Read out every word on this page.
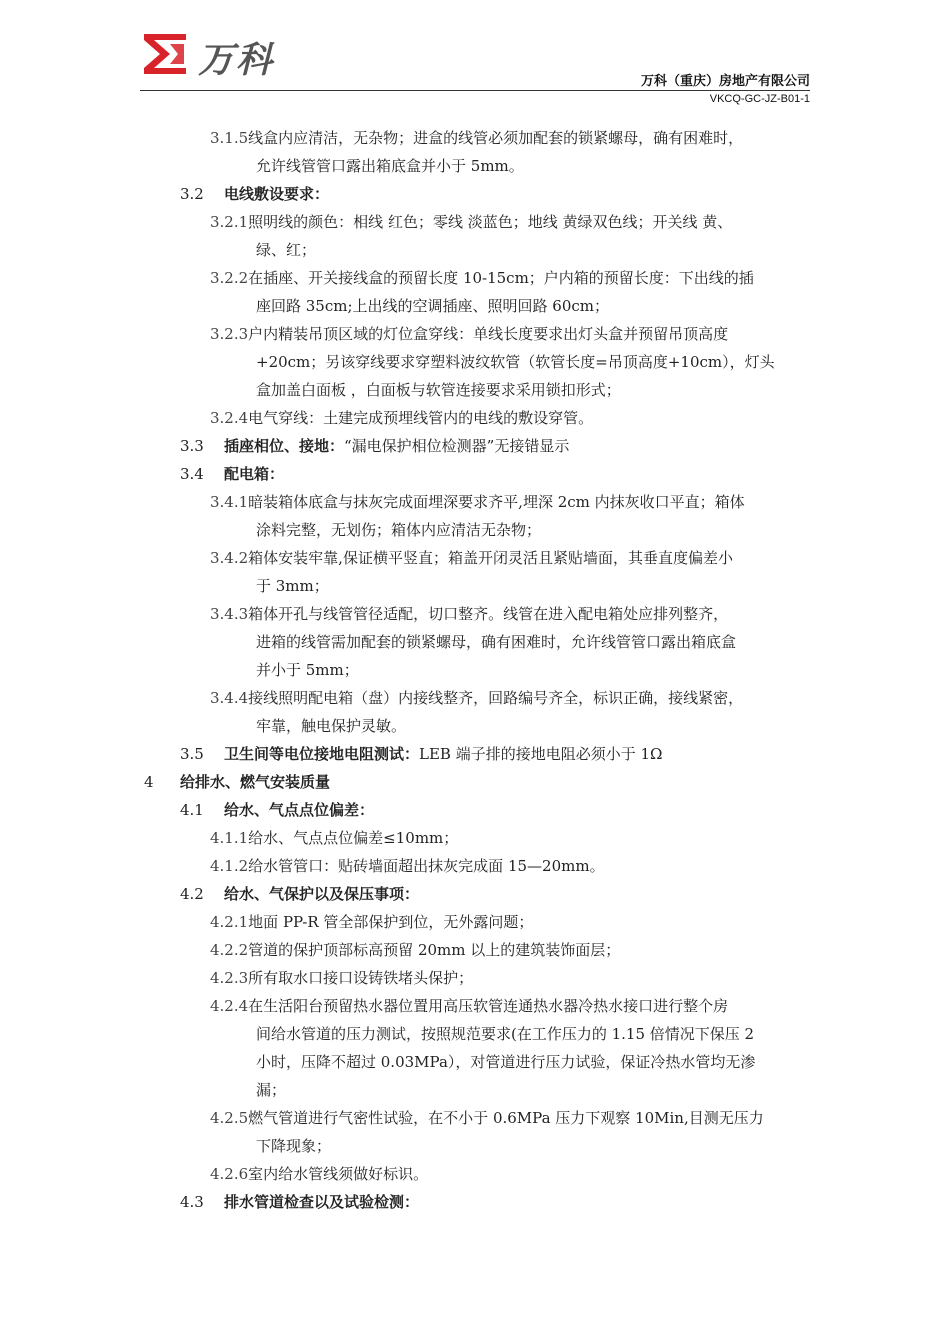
万科
万科（重庆）房地产有限公司
VKCQ-GC-JZ-B01-1
3.1.5线盒内应清洁，无杂物；进盒的线管必须加配套的锁紧螺母，确有困难时，
允许线管管口露出箱底盒并小于 5mm。
3.2 电线敷设要求：
3.2.1照明线的颜色：相线 红色；零线 淡蓝色；地线 黄绿双色线；开关线 黄、
绿、红；
3.2.2在插座、开关接线盒的预留长度 10-15cm；户内箱的预留长度：下出线的插
座回路 35cm;上出线的空调插座、照明回路 60cm；
3.2.3户内精装吊顶区域的灯位盒穿线：单线长度要求出灯头盒并预留吊顶高度
+20cm；另该穿线要求穿塑料波纹软管（软管长度=吊顶高度+10cm），灯头
盒加盖白面板 ，白面板与软管连接要求采用锁扣形式；
3.2.4电气穿线：土建完成预埋线管内的电线的敷设穿管。
3.3 插座相位、接地：“漏电保护相位检测器”无接错显示
3.4 配电箱：
3.4.1暗装箱体底盒与抹灰完成面埋深要求齐平,埋深 2cm 内抹灰收口平直；箱体
涂料完整，无划伤；箱体内应清洁无杂物；
3.4.2箱体安装牢靠,保证横平竖直；箱盖开闭灵活且紧贴墙面，其垂直度偏差小
于 3mm；
3.4.3箱体开孔与线管管径适配，切口整齐。线管在进入配电箱处应排列整齐，
进箱的线管需加配套的锁紧螺母，确有困难时，允许线管管口露出箱底盒
并小于 5mm；
3.4.4接线照明配电箱（盘）内接线整齐，回路编号齐全，标识正确，接线紧密，
牢靠，触电保护灵敏。
3.5 卫生间等电位接地电阻测试：LEB 端子排的接地电阻必须小于 1Ω
4 给排水、燃气安装质量
4.1 给水、气点点位偏差：
4.1.1给水、气点点位偏差≤10mm；
4.1.2给水管管口：贴砖墙面超出抹灰完成面 15—20mm。
4.2 给水、气保护以及保压事项：
4.2.1地面 PP-R 管全部保护到位，无外露问题；
4.2.2管道的保护顶部标高预留 20mm 以上的建筑装饰面层；
4.2.3所有取水口接口设铸铁堵头保护；
4.2.4在生活阳台预留热水器位置用高压软管连通热水器冷热水接口进行整个房
间给水管道的压力测试，按照规范要求(在工作压力的 1.15 倍情况下保压 2
小时，压降不超过 0.03MPa），对管道进行压力试验，保证冷热水管均无渗
漏；
4.2.5燃气管道进行气密性试验，在不小于 0.6MPa 压力下观察 10Min,目测无压力
下降现象；
4.2.6室内给水管线须做好标识。
4.3 排水管道检查以及试验检测：
